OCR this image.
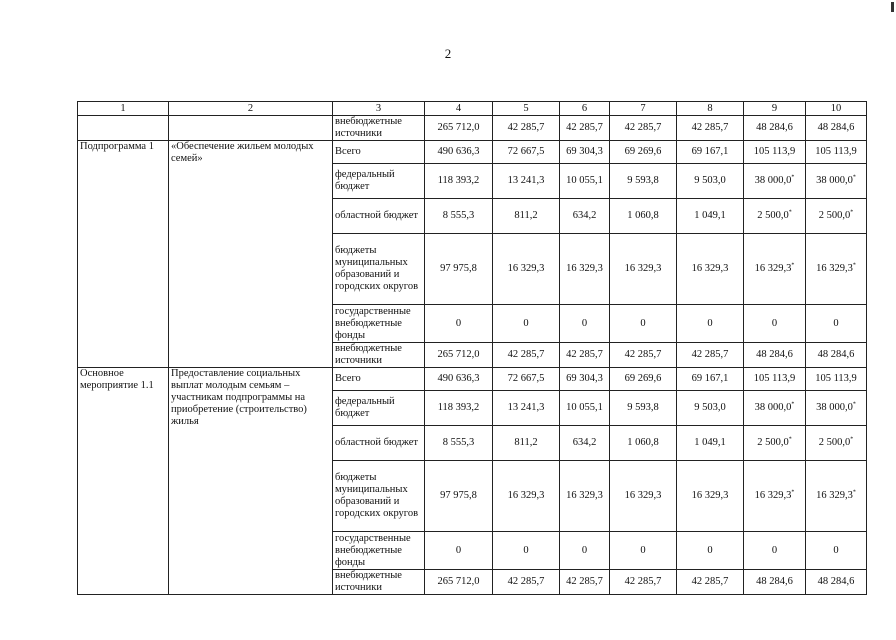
2
1	2	3	4	5	6	7	8	9	10
		внебюджетные источники	265 712,0	42 285,7	42 285,7	42 285,7	42 285,7	48 284,6	48 284,6
Подпрограмма 1	«Обеспечение жильем молодых семей»	Всего	490 636,3	72 667,5	69 304,3	69 269,6	69 167,1	105 113,9	105 113,9
		федеральный бюджет	118 393,2	13 241,3	10 055,1	9 593,8	9 503,0	38 000,0*	38 000,0*
		областной бюджет	8 555,3	811,2	634,2	1 060,8	1 049,1	2 500,0*	2 500,0*
		бюджеты муниципальных образований и городских округов	97 975,8	16 329,3	16 329,3	16 329,3	16 329,3	16 329,3*	16 329,3*
		государственные внебюджетные фонды	0	0	0	0	0	0	0
		внебюджетные источники	265 712,0	42 285,7	42 285,7	42 285,7	42 285,7	48 284,6	48 284,6
Основное мероприятие 1.1	Предоставление социальных выплат молодым семьям – участникам подпрограммы на приобретение (строительство) жилья	Всего	490 636,3	72 667,5	69 304,3	69 269,6	69 167,1	105 113,9	105 113,9
		федеральный бюджет	118 393,2	13 241,3	10 055,1	9 593,8	9 503,0	38 000,0*	38 000,0*
		областной бюджет	8 555,3	811,2	634,2	1 060,8	1 049,1	2 500,0*	2 500,0*
		бюджеты муниципальных образований и городских округов	97 975,8	16 329,3	16 329,3	16 329,3	16 329,3	16 329,3*	16 329,3*
		государственные внебюджетные фонды	0	0	0	0	0	0	0
		внебюджетные источники	265 712,0	42 285,7	42 285,7	42 285,7	42 285,7	48 284,6	48 284,6
